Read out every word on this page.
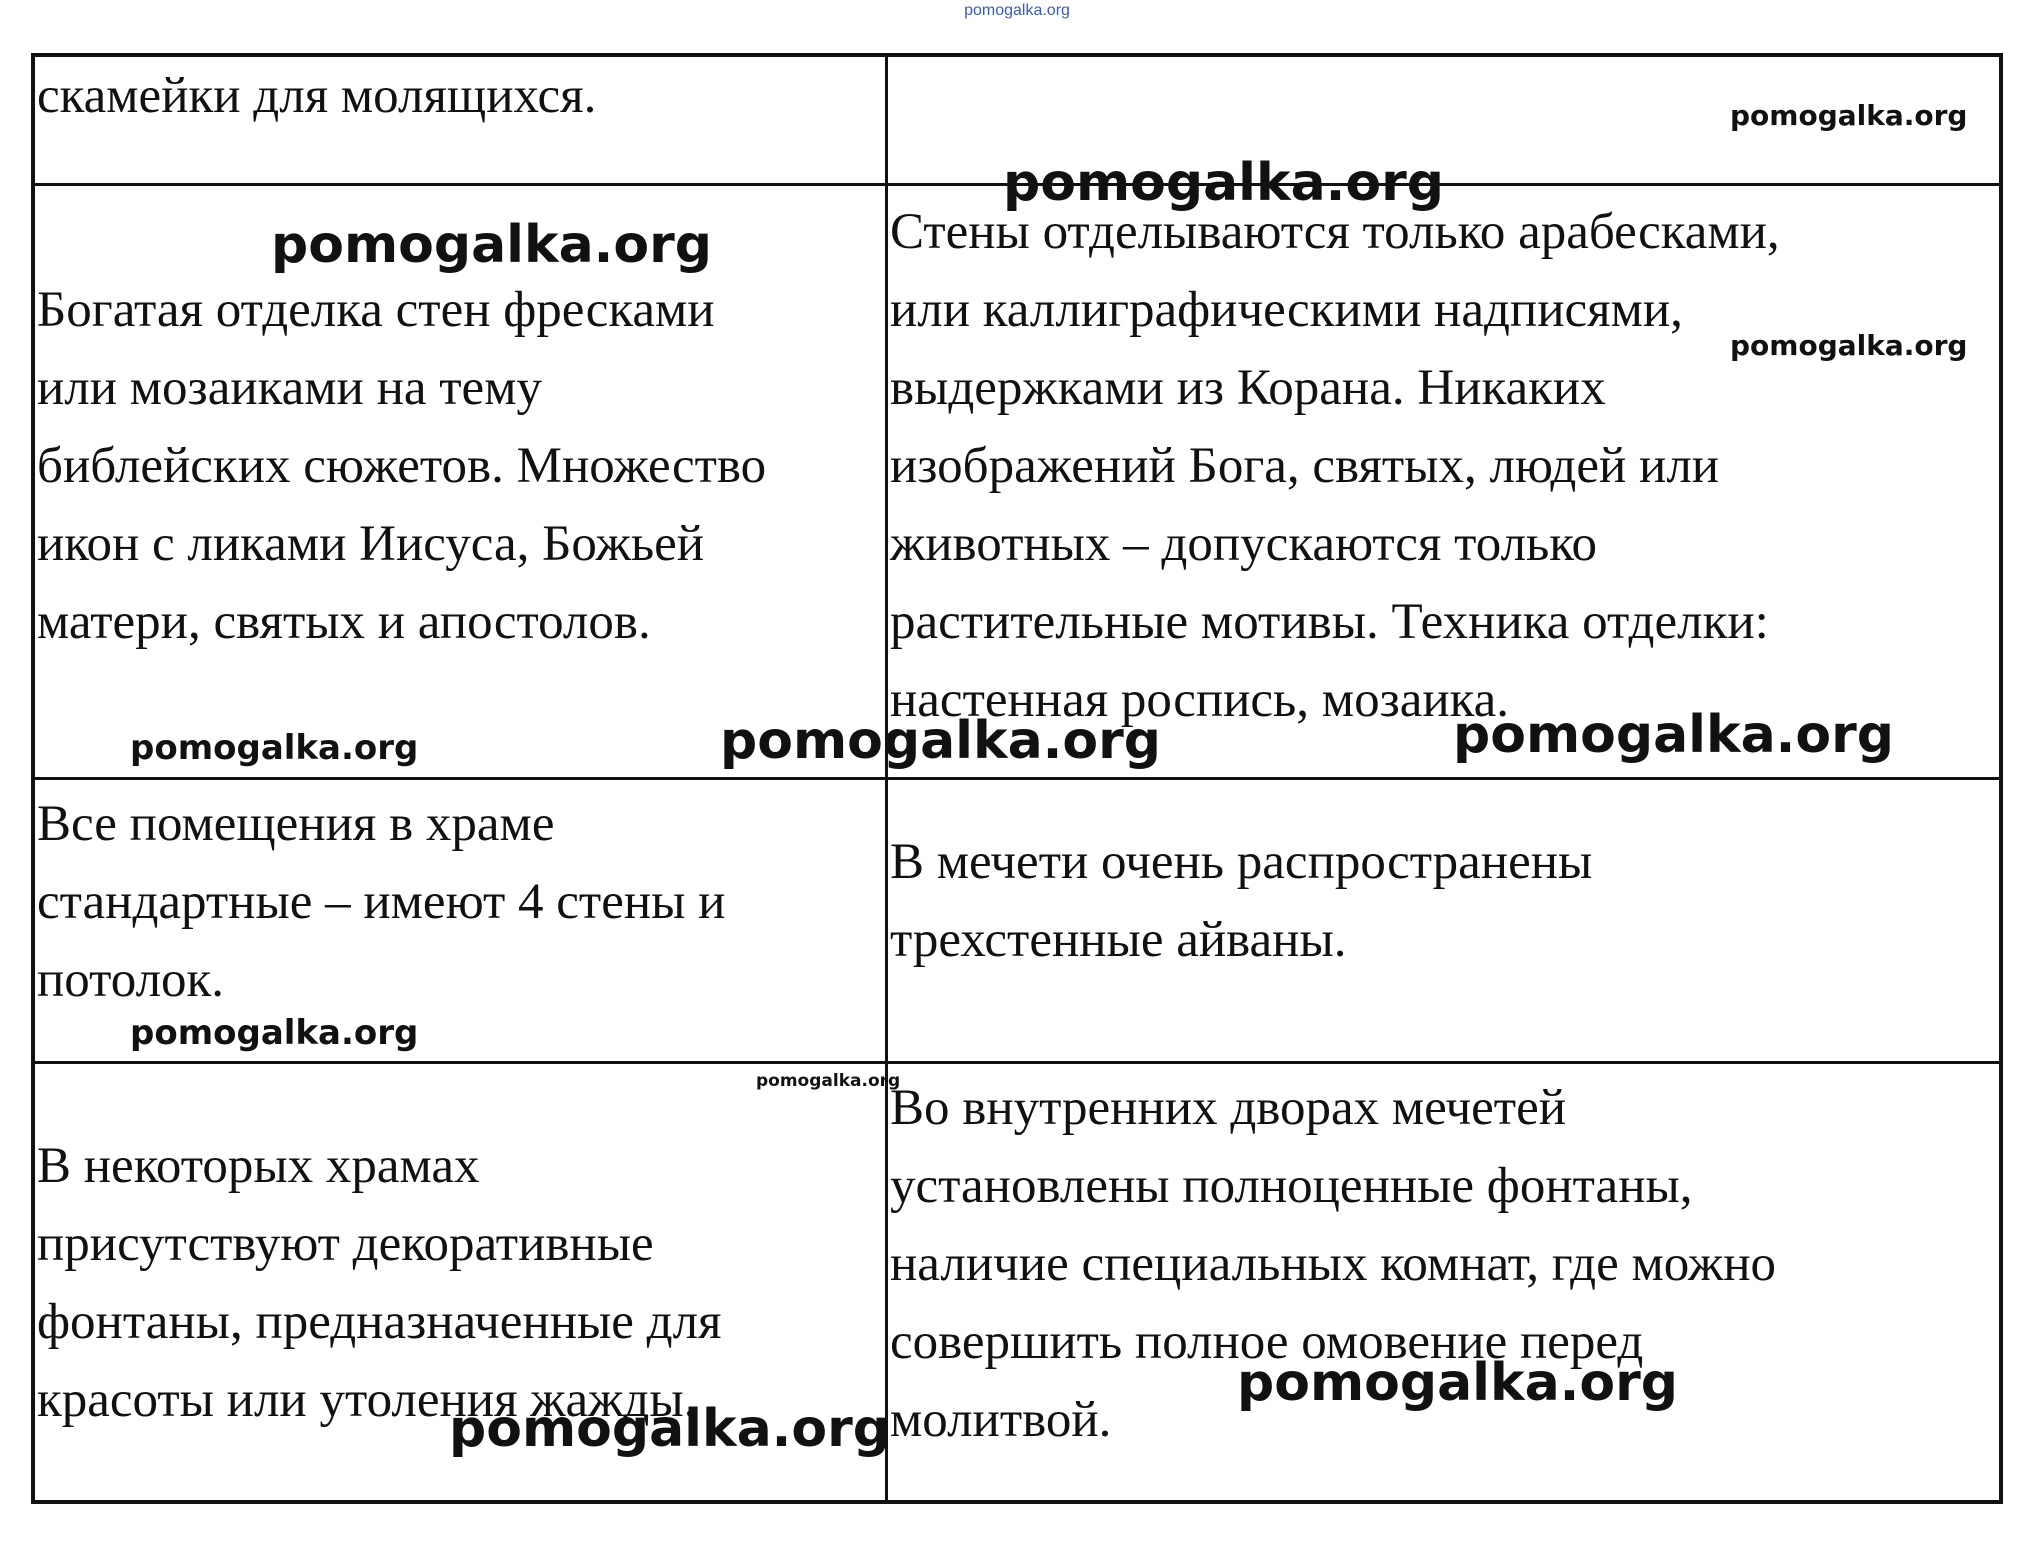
pomogalka.org
скамейки для молящихся.
Богатая отделка стен фресками
или мозаиками на тему
библейских сюжетов. Множество
икон с ликами Иисуса, Божьей
матери, святых и апостолов.
Стены отделываются только арабесками,
или каллиграфическими надписями,
выдержками из Корана. Никаких
изображений Бога, святых, людей или
животных – допускаются только
растительные мотивы. Техника отделки:
настенная роспись, мозаика.
Все помещения в храме
стандартные – имеют 4 стены и
потолок.
В мечети очень распространены
трехстенные айваны.
В некоторых храмах
присутствуют декоративные
фонтаны, предназначенные для
красоты или утоления жажды.
Во внутренних дворах мечетей
установлены полноценные фонтаны,
наличие специальных комнат, где можно
совершить полное омовение перед
молитвой.
pomogalka.org
pomogalka.org
pomogalka.org
pomogalka.org
pomogalka.org	pomogalka.org	pomogalka.org
pomogalka.org
pomogalka.org
pomogalka.org
pomogalka.org
